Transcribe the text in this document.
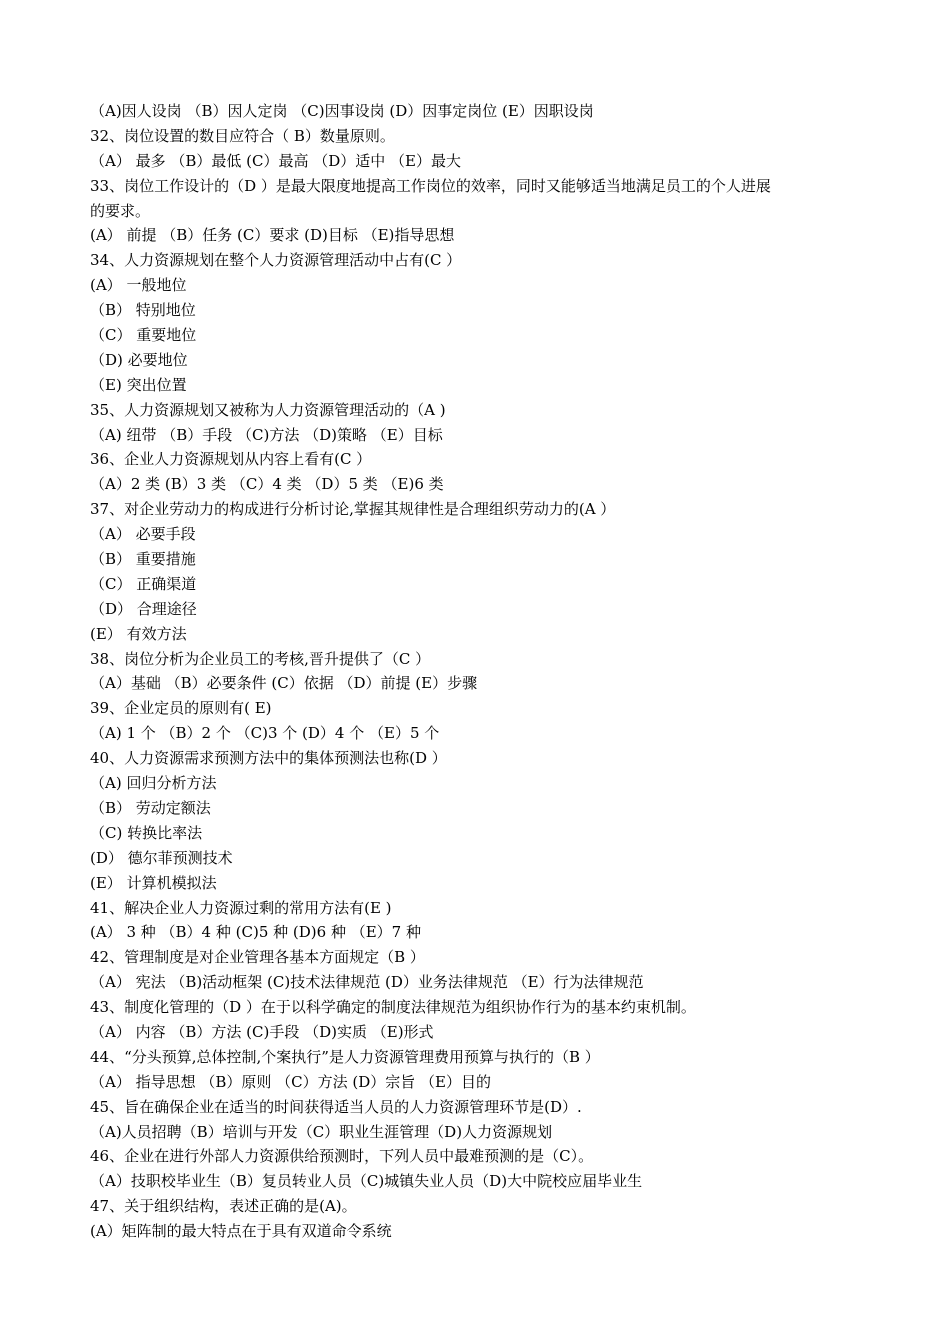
（A)因人设岗 （B）因人定岗 （C)因事设岗 (D）因事定岗位 (E）因职设岗
32、岗位设置的数目应符合（ B）数量原则。
（A） 最多 （B）最低 (C）最高 （D）适中 （E）最大
33、岗位工作设计的（D ）是最大限度地提高工作岗位的效率，同时又能够适当地满足员工的个人进展
的要求。
(A） 前提 （B）任务 (C）要求 (D)目标 （E)指导思想
34、人力资源规划在整个人力资源管理活动中占有(C ）
(A） 一般地位
（B） 特别地位
（C） 重要地位
（D) 必要地位
（E) 突出位置
35、人力资源规划又被称为人力资源管理活动的（A )
（A) 纽带 （B）手段 （C)方法 （D)策略 （E）目标
36、企业人力资源规划从内容上看有(C ）
（A）2 类 (B）3 类 （C）4 类 （D）5 类 （E)6 类
37、对企业劳动力的构成进行分析讨论,掌握其规律性是合理组织劳动力的(A ）
（A） 必要手段
（B） 重要措施
（C） 正确渠道
（D） 合理途径
(E） 有效方法
38、岗位分析为企业员工的考核,晋升提供了（C ）
（A）基础 （B）必要条件 (C）依据 （D）前提 (E）步骤
39、企业定员的原则有( E)
（A) 1 个 （B）2 个 （C)3 个 (D）4 个 （E）5 个
40、人力资源需求预测方法中的集体预测法也称(D ）
（A) 回归分析方法
（B） 劳动定额法
（C) 转换比率法
(D） 德尔菲预测技术
(E） 计算机模拟法
41、解决企业人力资源过剩的常用方法有(E )
(A） 3 种 （B）4 种 (C)5 种 (D)6 种 （E）7 种
42、管理制度是对企业管理各基本方面规定（B ）
（A） 宪法 （B)活动框架 (C)技术法律规范 (D）业务法律规范 （E）行为法律规范
43、制度化管理的（D ）在于以科学确定的制度法律规范为组织协作行为的基本约束机制。
（A） 内容 （B）方法 (C)手段 （D)实质 （E)形式
44、“分头预算,总体控制,个案执行”是人力资源管理费用预算与执行的（B ）
（A） 指导思想 （B）原则 （C）方法 (D）宗旨 （E）目的
45、旨在确保企业在适当的时间获得适当人员的人力资源管理环节是(D）.
（A)人员招聘（B）培训与开发（C）职业生涯管理（D)人力资源规划
46、企业在进行外部人力资源供给预测时，下列人员中最难预测的是（C）。
（A）技职校毕业生（B）复员转业人员（C)城镇失业人员（D)大中院校应届毕业生
47、关于组织结构，表述正确的是(A)。
(A）矩阵制的最大特点在于具有双道命令系统
